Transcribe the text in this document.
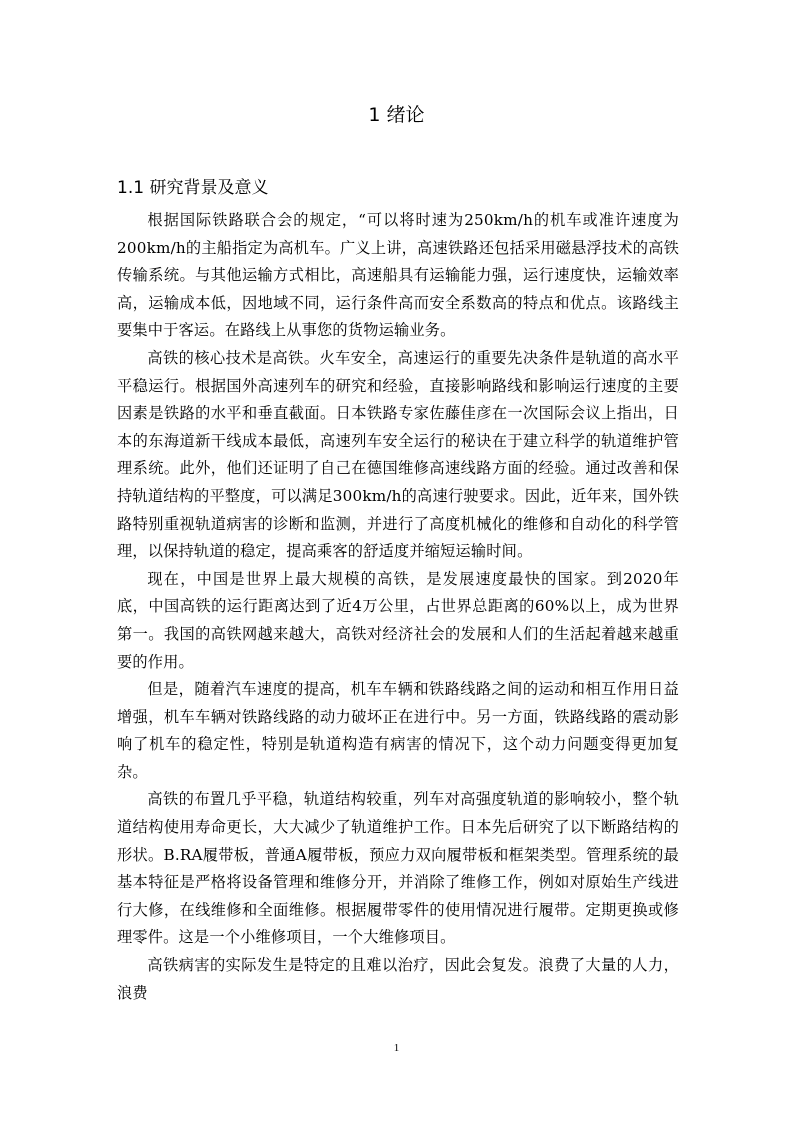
1 绪论
1.1 研究背景及意义

根据国际铁路联合会的规定，“可以将时速为250km/h的机车或准许速度为200km/h的主船指定为高机车。广义上讲，高速铁路还包括采用磁悬浮技术的高铁传输系统。与其他运输方式相比，高速船具有运输能力强，运行速度快，运输效率高，运输成本低，因地域不同，运行条件高而安全系数高的特点和优点。该路线主要集中于客运。在路线上从事您的货物运输业务。

高铁的核心技术是高铁。火车安全，高速运行的重要先决条件是轨道的高水平平稳运行。根据国外高速列车的研究和经验，直接影响路线和影响运行速度的主要因素是铁路的水平和垂直截面。日本铁路专家佐藤佳彦在一次国际会议上指出，日本的东海道新干线成本最低，高速列车安全运行的秘诀在于建立科学的轨道维护管理系统。此外，他们还证明了自己在德国维修高速线路方面的经验。通过改善和保持轨道结构的平整度，可以满足300km/h的高速行驶要求。因此，近年来，国外铁路特别重视轨道病害的诊断和监测，并进行了高度机械化的维修和自动化的科学管理，以保持轨道的稳定，提高乘客的舒适度并缩短运输时间。

现在，中国是世界上最大规模的高铁，是发展速度最快的国家。到2020年底，中国高铁的运行距离达到了近4万公里，占世界总距离的60%以上，成为世界第一。我国的高铁网越来越大，高铁对经济社会的发展和人们的生活起着越来越重要的作用。

但是，随着汽车速度的提高，机车车辆和铁路线路之间的运动和相互作用日益增强，机车车辆对铁路线路的动力破坏正在进行中。另一方面，铁路线路的震动影响了机车的稳定性，特别是轨道构造有病害的情况下，这个动力问题变得更加复杂。

高铁的布置几乎平稳，轨道结构较重，列车对高强度轨道的影响较小，整个轨道结构使用寿命更长，大大减少了轨道维护工作。日本先后研究了以下断路结构的形状。B.RA履带板，普通A履带板，预应力双向履带板和框架类型。管理系统的最基本特征是严格将设备管理和维修分开，并消除了维修工作，例如对原始生产线进行大修，在线维修和全面维修。根据履带零件的使用情况进行履带。定期更换或修理零件。这是一个小维修项目，一个大维修项目。

高铁病害的实际发生是特定的且难以治疗，因此会复发。浪费了大量的人力，浪费

1
